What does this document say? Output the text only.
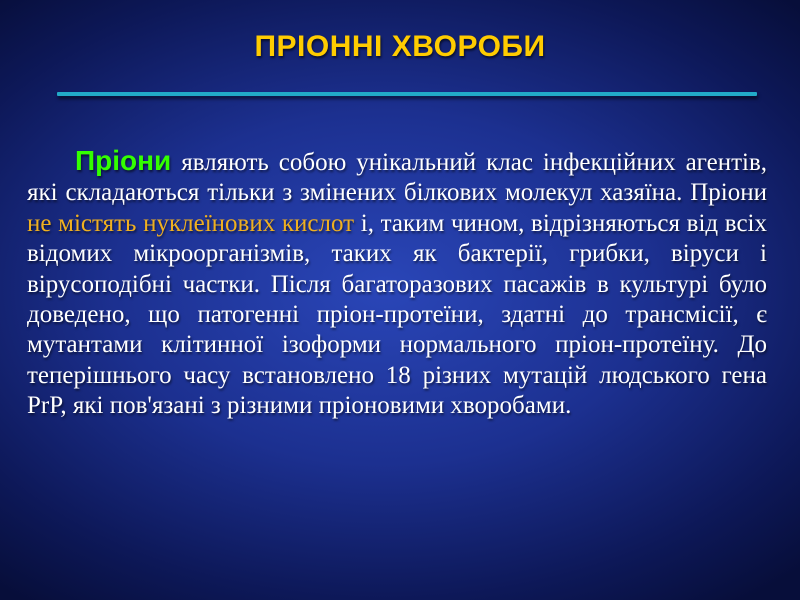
ПРІОННІ ХВОРОБИ
Пріони являють собою унікальний клас інфекційних агентів, які складаються тільки з змінених білкових молекул хазяїна. Пріони не містять нуклеїнових кислот і, таким чином, відрізняються від всіх відомих мікроорганізмів, таких як бактерії, грибки, віруси і вірусоподібні частки. Після багаторазових пасажів в культурі було доведено, що патогенні пріон-протеїни, здатні до трансмісії, є мутантами клітинної ізоформи нормального пріон-протеїну. До теперішнього часу встановлено 18 різних мутацій людського гена PrP, які пов'язані з різними пріоновими хворобами.
